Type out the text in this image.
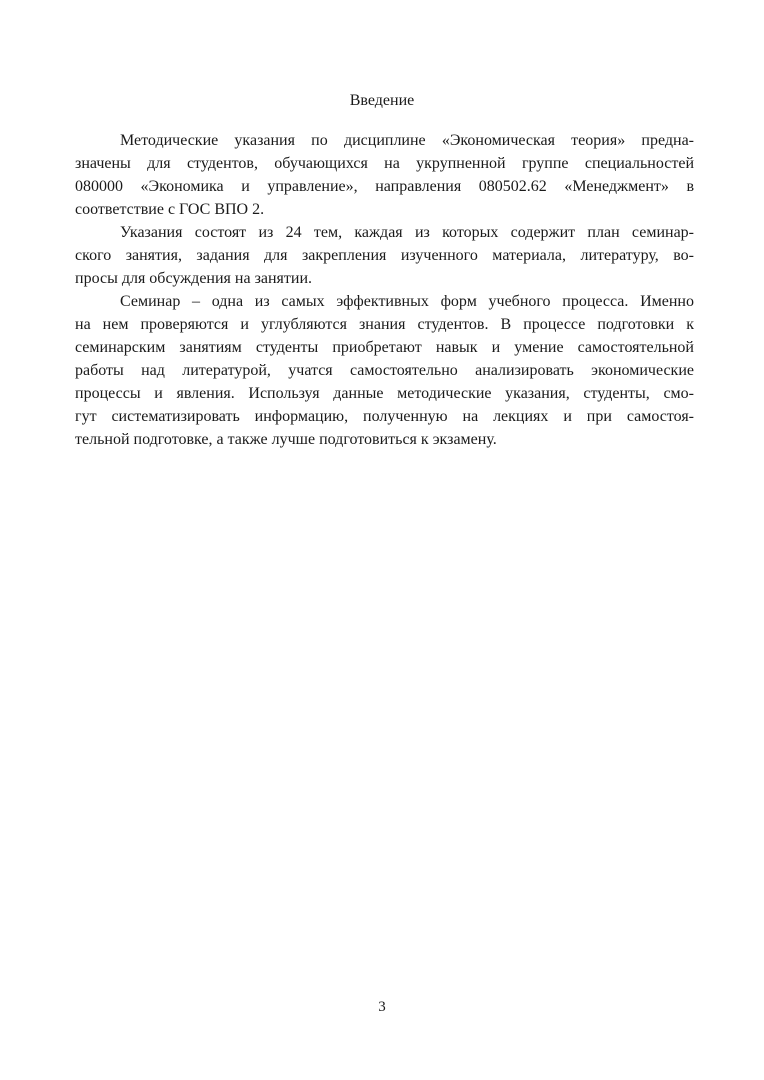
Введение
Методические указания по дисциплине «Экономическая теория» предна-
значены для студентов, обучающихся на укрупненной группе специальностей
080000 «Экономика и управление», направления 080502.62 «Менеджмент» в
соответствие с ГОС ВПО 2.
Указания состоят из 24 тем, каждая из которых содержит план семинар-
ского занятия, задания для закрепления изученного материала, литературу, во-
просы для обсуждения на занятии.
Семинар – одна из самых эффективных форм учебного процесса. Именно
на нем проверяются и углубляются знания студентов. В процессе подготовки к
семинарским занятиям студенты приобретают навык и умение самостоятельной
работы над литературой, учатся самостоятельно анализировать экономические
процессы и явления. Используя данные методические указания, студенты, смо-
гут систематизировать информацию, полученную на лекциях и при самостоя-
тельной подготовке, а также лучше подготовиться к экзамену.
3
